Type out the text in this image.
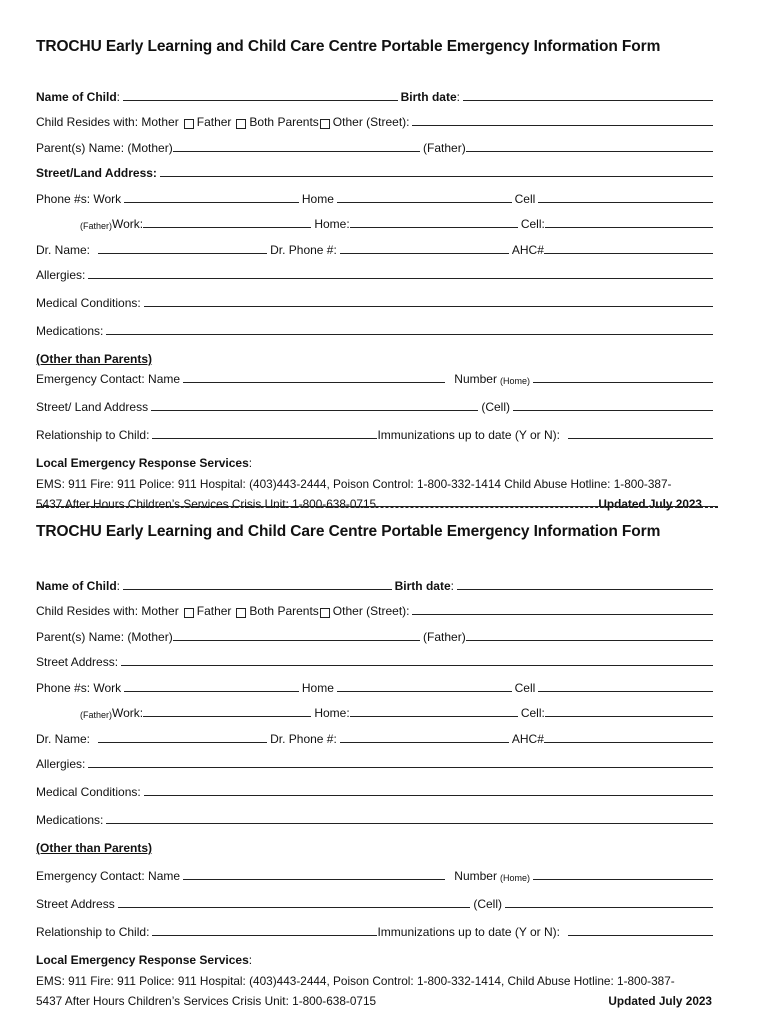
TROCHU Early Learning and Child Care Centre Portable Emergency Information Form
Name of Child :	Birth date :
Child Resides with: Mother Father Both Parents Other (Street):
Parent(s) Name: (Mother)	(Father)
Street/Land Address:
Phone #s: Work	Home	Cell
(Father) Work:	Home:	Cell:
Dr. Name:	Dr. Phone #:	AHC#
Allergies:
Medical Conditions:
Medications:
(Other than Parents)
Emergency Contact: Name	Number (Home)
Street/ Land Address	(Cell)
Relationship to Child:	Immunizations up to date (Y or N):
Local Emergency Response Services :
EMS: 911 Fire: 911 Police: 911 Hospital: (403)443-2444, Poison Control: 1-800-332-1414 Child Abuse Hotline: 1-800-387-
5437 After Hours Children’s Services Crisis Unit: 1-800-638-0715	Updated July 2023
TROCHU Early Learning and Child Care Centre Portable Emergency Information Form
Name of Child :	Birth date :
Child Resides with: Mother Father Both Parents Other (Street):
Parent(s) Name: (Mother)	(Father)
Street Address:
Phone #s: Work	Home	Cell
(Father) Work:	Home:	Cell:
Dr. Name:	Dr. Phone #:	AHC#
Allergies:
Medical Conditions:
Medications:
(Other than Parents)
Emergency Contact: Name	Number (Home)
Street Address	(Cell)
Relationship to Child:	Immunizations up to date (Y or N):
Local Emergency Response Services :
EMS: 911 Fire: 911 Police: 911 Hospital: (403)443-2444, Poison Control: 1-800-332-1414, Child Abuse Hotline: 1-800-387-
5437 After Hours Children’s Services Crisis Unit: 1-800-638-0715	Updated July 2023
